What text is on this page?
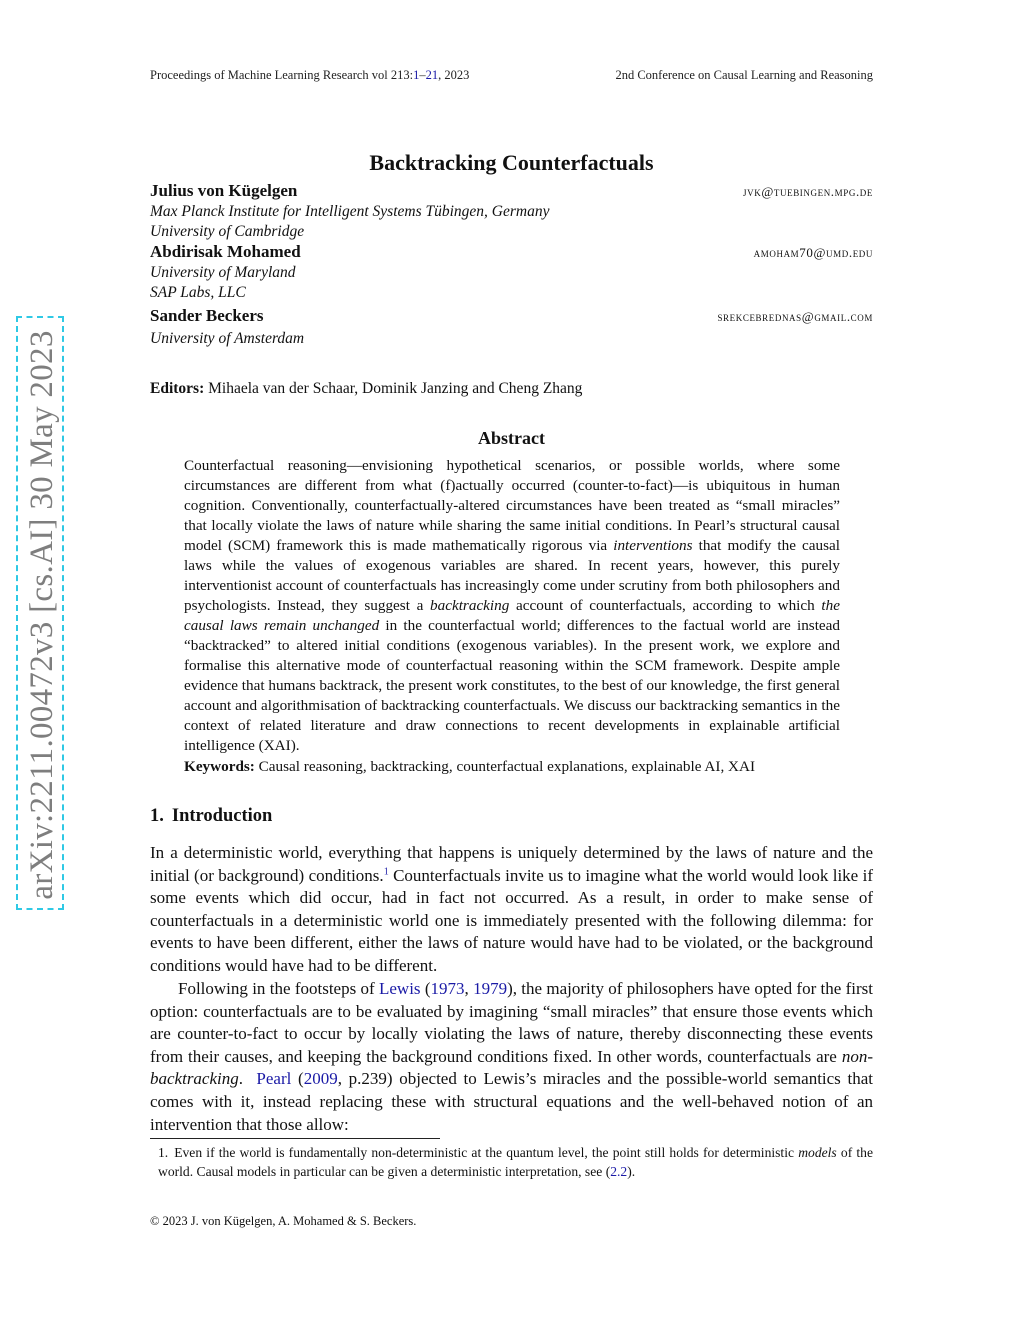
arXiv:2211.00472v3 [cs.AI] 30 May 2023
Proceedings of Machine Learning Research vol 213:1–21, 2023	2nd Conference on Causal Learning and Reasoning
Backtracking Counterfactuals
Julius von Kügelgen	jvk@tuebingen.mpg.de
Max Planck Institute for Intelligent Systems Tübingen, Germany
University of Cambridge
Abdirisak Mohamed	amoham70@umd.edu
University of Maryland
SAP Labs, LLC
Sander Beckers	srekcebrednas@gmail.com
University of Amsterdam
Editors: Mihaela van der Schaar, Dominik Janzing and Cheng Zhang
Abstract
Counterfactual reasoning—envisioning hypothetical scenarios, or possible worlds, where some circumstances are different from what (f)actually occurred (counter-to-fact)—is ubiquitous in human cognition. Conventionally, counterfactually-altered circumstances have been treated as “small miracles” that locally violate the laws of nature while sharing the same initial conditions. In Pearl’s structural causal model (SCM) framework this is made mathematically rigorous via interventions that modify the causal laws while the values of exogenous variables are shared. In recent years, however, this purely interventionist account of counterfactuals has increasingly come under scrutiny from both philosophers and psychologists. Instead, they suggest a backtracking account of counterfactuals, according to which the causal laws remain unchanged in the counterfactual world; differences to the factual world are instead “backtracked” to altered initial conditions (exogenous variables). In the present work, we explore and formalise this alternative mode of counterfactual reasoning within the SCM framework. Despite ample evidence that humans backtrack, the present work constitutes, to the best of our knowledge, the first general account and algorithmisation of backtracking counterfactuals. We discuss our backtracking semantics in the context of related literature and draw connections to recent developments in explainable artificial intelligence (XAI).
Keywords: Causal reasoning, backtracking, counterfactual explanations, explainable AI, XAI
1. Introduction
In a deterministic world, everything that happens is uniquely determined by the laws of nature and the initial (or background) conditions.$^1$ Counterfactuals invite us to imagine what the world would look like if some events which did occur, had in fact not occurred. As a result, in order to make sense of counterfactuals in a deterministic world one is immediately presented with the following dilemma: for events to have been different, either the laws of nature would have had to be violated, or the background conditions would have had to be different.
Following in the footsteps of Lewis (1973, 1979), the majority of philosophers have opted for the first option: counterfactuals are to be evaluated by imagining “small miracles” that ensure those events which are counter-to-fact to occur by locally violating the laws of nature, thereby disconnecting these events from their causes, and keeping the background conditions fixed. In other words, counterfactuals are non-backtracking. Pearl (2009, p.239) objected to Lewis’s miracles and the possible-world semantics that comes with it, instead replacing these with structural equations and the well-behaved notion of an intervention that those allow:
1. Even if the world is fundamentally non-deterministic at the quantum level, the point still holds for deterministic models of the world. Causal models in particular can be given a deterministic interpretation, see (2.2).
© 2023 J. von Kügelgen, A. Mohamed & S. Beckers.
